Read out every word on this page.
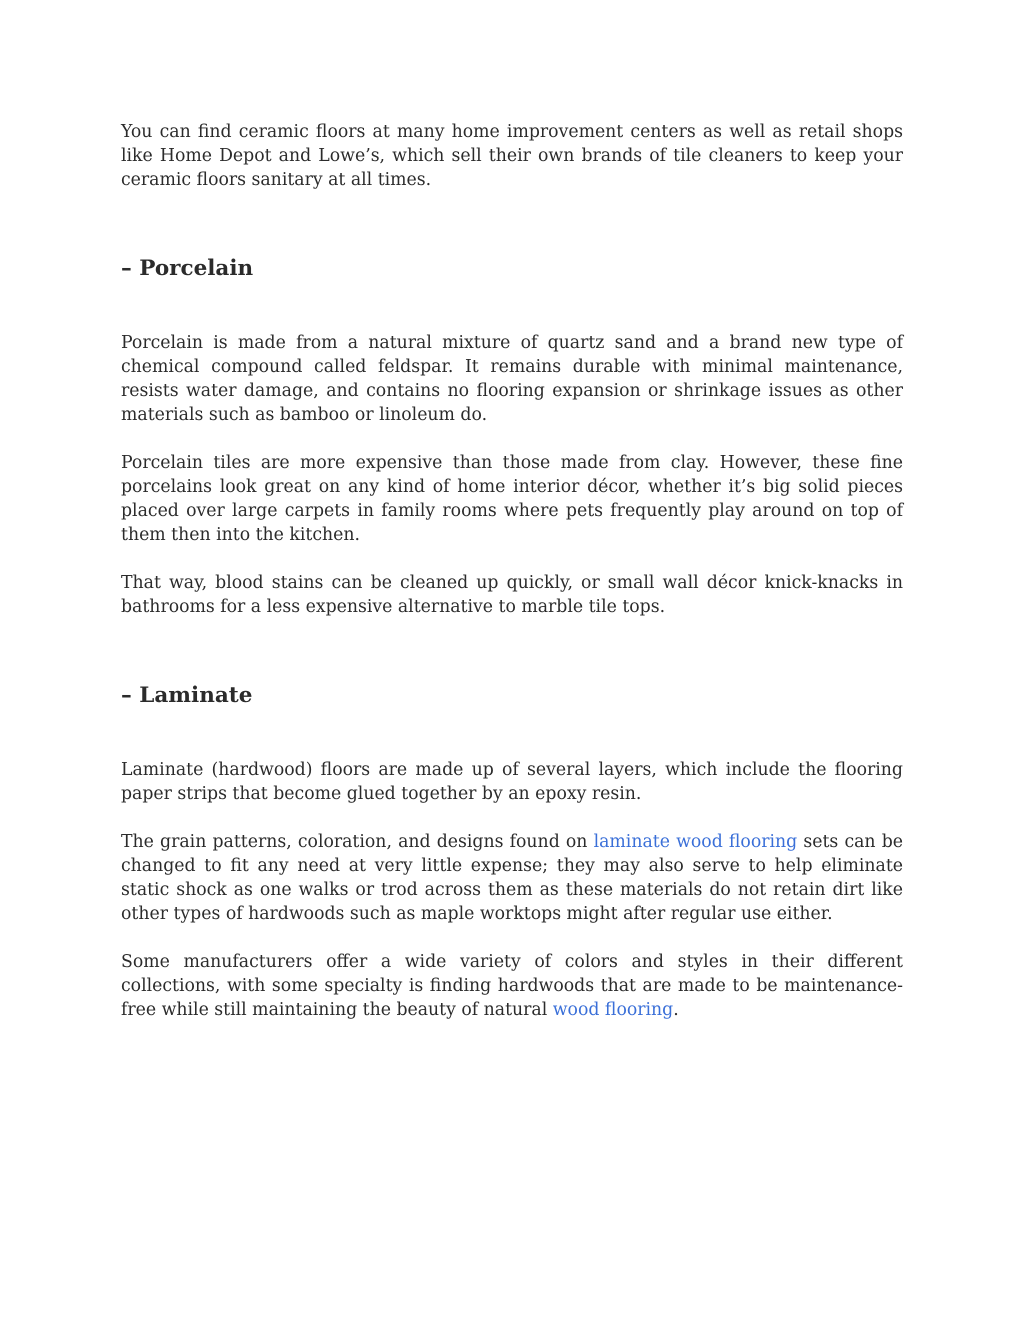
You can find ceramic floors at many home improvement centers as well as retail shops like Home Depot and Lowe’s, which sell their own brands of tile cleaners to keep your ceramic floors sanitary at all times.

– Porcelain

Porcelain is made from a natural mixture of quartz sand and a brand new type of chemical compound called feldspar. It remains durable with minimal maintenance, resists water damage, and contains no flooring expansion or shrinkage issues as other materials such as bamboo or linoleum do.

Porcelain tiles are more expensive than those made from clay. However, these fine porcelains look great on any kind of home interior décor, whether it’s big solid pieces placed over large carpets in family rooms where pets frequently play around on top of them then into the kitchen.

That way, blood stains can be cleaned up quickly, or small wall décor knick-knacks in bathrooms for a less expensive alternative to marble tile tops.

– Laminate

Laminate (hardwood) floors are made up of several layers, which include the flooring paper strips that become glued together by an epoxy resin.

The grain patterns, coloration, and designs found on laminate wood flooring sets can be changed to fit any need at very little expense; they may also serve to help eliminate static shock as one walks or trod across them as these materials do not retain dirt like other types of hardwoods such as maple worktops might after regular use either.

Some manufacturers offer a wide variety of colors and styles in their different collections, with some specialty is finding hardwoods that are made to be maintenance-free while still maintaining the beauty of natural wood flooring.
